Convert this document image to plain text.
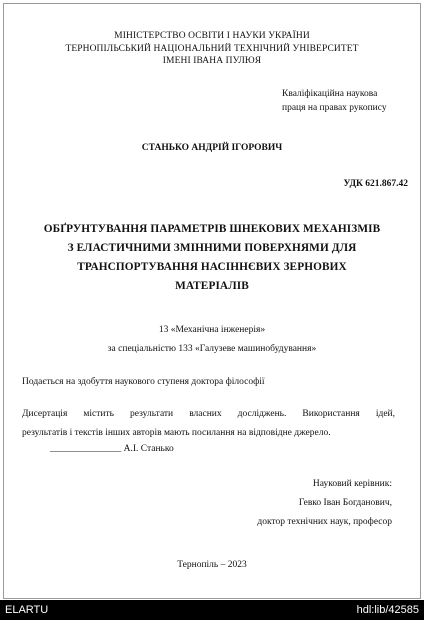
МІНІСТЕРСТВО ОСВІТИ І НАУКИ УКРАЇНИ
ТЕРНОПІЛЬСЬКИЙ НАЦІОНАЛЬНИЙ ТЕХНІЧНИЙ УНІВЕРСИТЕТ
ІМЕНІ ІВАНА ПУЛЮЯ
Кваліфікаційна наукова
праця на правах рукопису
СТАНЬКО АНДРІЙ ІГОРОВИЧ
УДК 621.867.42
ОБҐРУНТУВАННЯ ПАРАМЕТРІВ ШНЕКОВИХ МЕХАНІЗМІВ
З ЕЛАСТИЧНИМИ ЗМІННИМИ ПОВЕРХНЯМИ ДЛЯ
ТРАНСПОРТУВАННЯ НАСІННЄВИХ ЗЕРНОВИХ
МАТЕРІАЛІВ
13 «Механічна інженерія»
за спеціальністю 133 «Галузеве машинобудування»
Подається на здобуття наукового ступеня доктора філософії
Дисертація містить результати власних досліджень. Використання ідей,
результатів і текстів інших авторів мають посилання на відповідне джерело.
_______________ А.І. Станько
Науковий керівник:
Гевко Іван Богданович,
доктор технічних наук, професор
Тернопіль – 2023
ELARTU	hdl:lib/42585
